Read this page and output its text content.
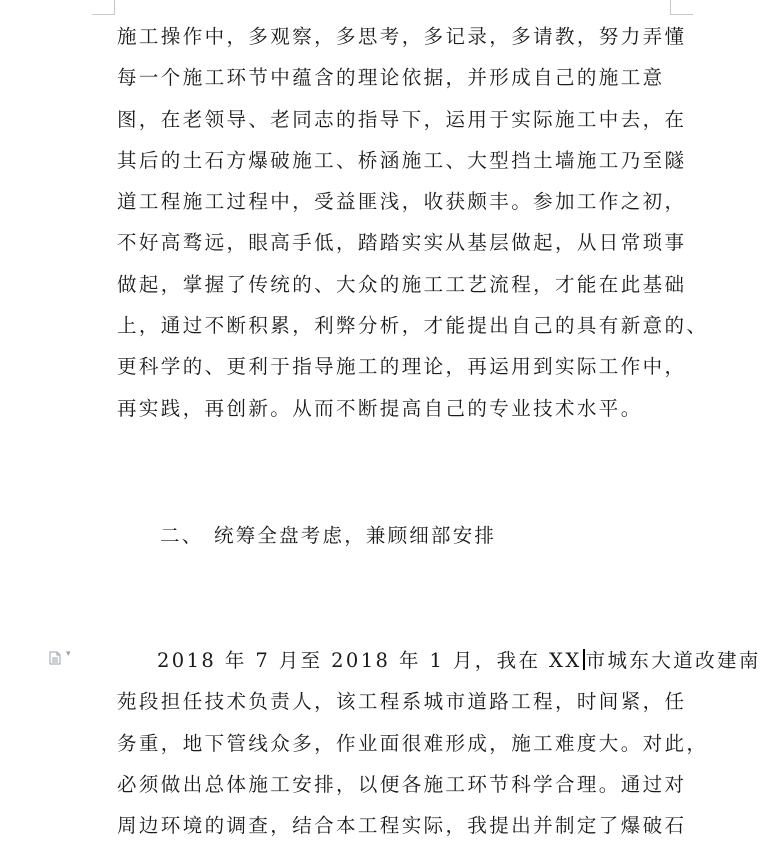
施工操作中，多观察，多思考，多记录，多请教，努力弄懂
每一个施工环节中蕴含的理论依据，并形成自己的施工意
图，在老领导、老同志的指导下，运用于实际施工中去，在
其后的土石方爆破施工、桥涵施工、大型挡土墙施工乃至隧
道工程施工过程中，受益匪浅，收获颇丰。参加工作之初，
不好高骛远，眼高手低，踏踏实实从基层做起，从日常琐事
做起，掌握了传统的、大众的施工工艺流程，才能在此基础
上，通过不断积累，利弊分析，才能提出自己的具有新意的、
更科学的、更利于指导施工的理论，再运用到实际工作中，
再实践，再创新。从而不断提高自己的专业技术水平。
二、 统筹全盘考虑，兼顾细部安排
▾	2018 年 7 月至 2018 年 1 月，我在 XX 市城东大道改建南
苑段担任技术负责人，该工程系城市道路工程，时间紧，任
务重，地下管线众多，作业面很难形成，施工难度大。对此，
必须做出总体施工安排，以便各施工环节科学合理。通过对
周边环境的调查，结合本工程实际，我提出并制定了爆破石
